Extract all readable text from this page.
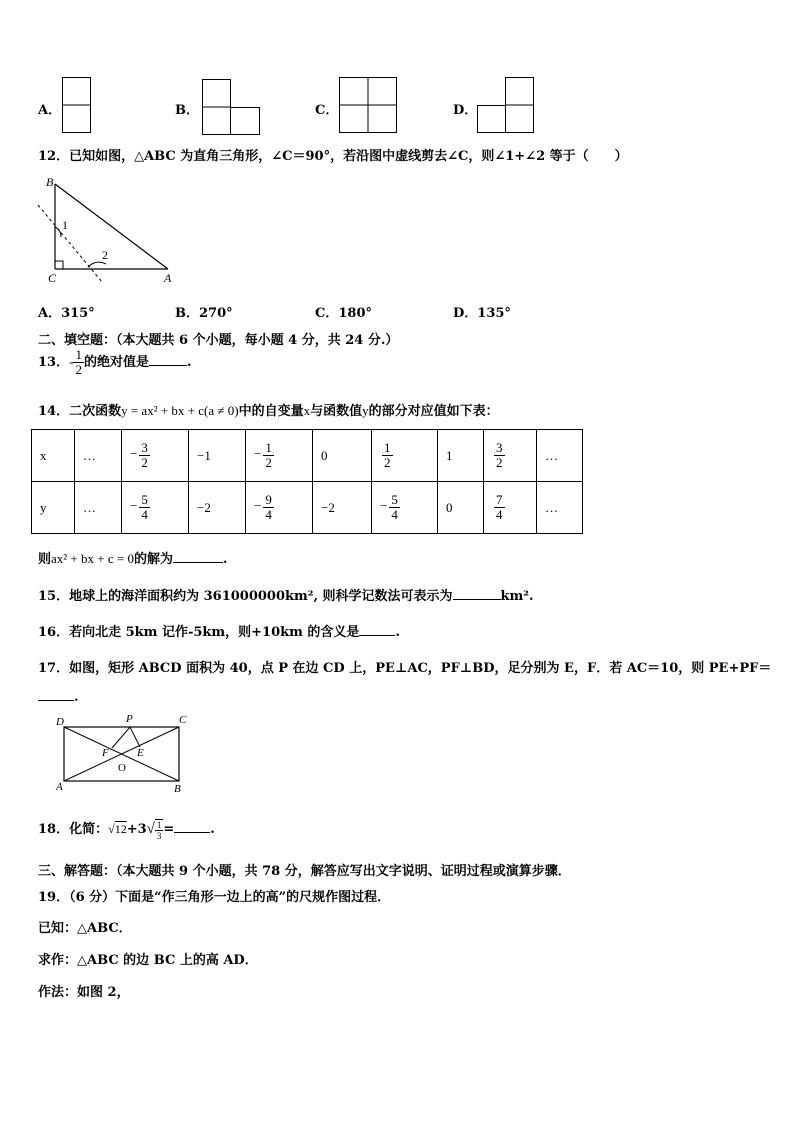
A．	B．	C．	D．
12．已知如图，△ABC 为直角三角形，∠C＝90°，若沿图中虚线剪去∠C，则∠1+∠2 等于（　　）
B
C	A
1
2
A．315°	B．270°	C．180°	D．135°
二、填空题：（本大题共 6 个小题，每小题 4 分，共 24 分.）
13．- $\frac{1}{2}$ 的绝对值是	.
14．二次函数y = ax² + bx + c(a ≠ 0)中的自变量x与函数值y的部分对应值如下表：
x	…	− $\frac{3}{2}$	−1	− $\frac{1}{2}$	0	$\frac{1}{2}$	1	$\frac{3}{2}$	…
y	…	− $\frac{5}{4}$	−2	− $\frac{9}{4}$	−2	− $\frac{5}{4}$	0	$\frac{7}{4}$	…
则ax² + bx + c = 0的解为	.
15．地球上的海洋面积约为 361000000km², 则科学记数法可表示为	km².
16．若向北走 5km 记作-5km，则+10km 的含义是	.
17．如图，矩形 ABCD 面积为 40，点 P 在边 CD 上，PE⊥AC，PF⊥BD，足分别为 E，F．若 AC＝10，则 PE+PF＝
.
D	P	C
F	E
O
A	B
18．化简：$√12+3√ \frac{1}{3}$ =	.
三、解答题：（本大题共 9 个小题，共 78 分，解答应写出文字说明、证明过程或演算步骤．
19．（6 分）下面是“作三角形一边上的高”的尺规作图过程．
已知：△ABC．
求作：△ABC 的边 BC 上的高 AD．
作法：如图 2，
